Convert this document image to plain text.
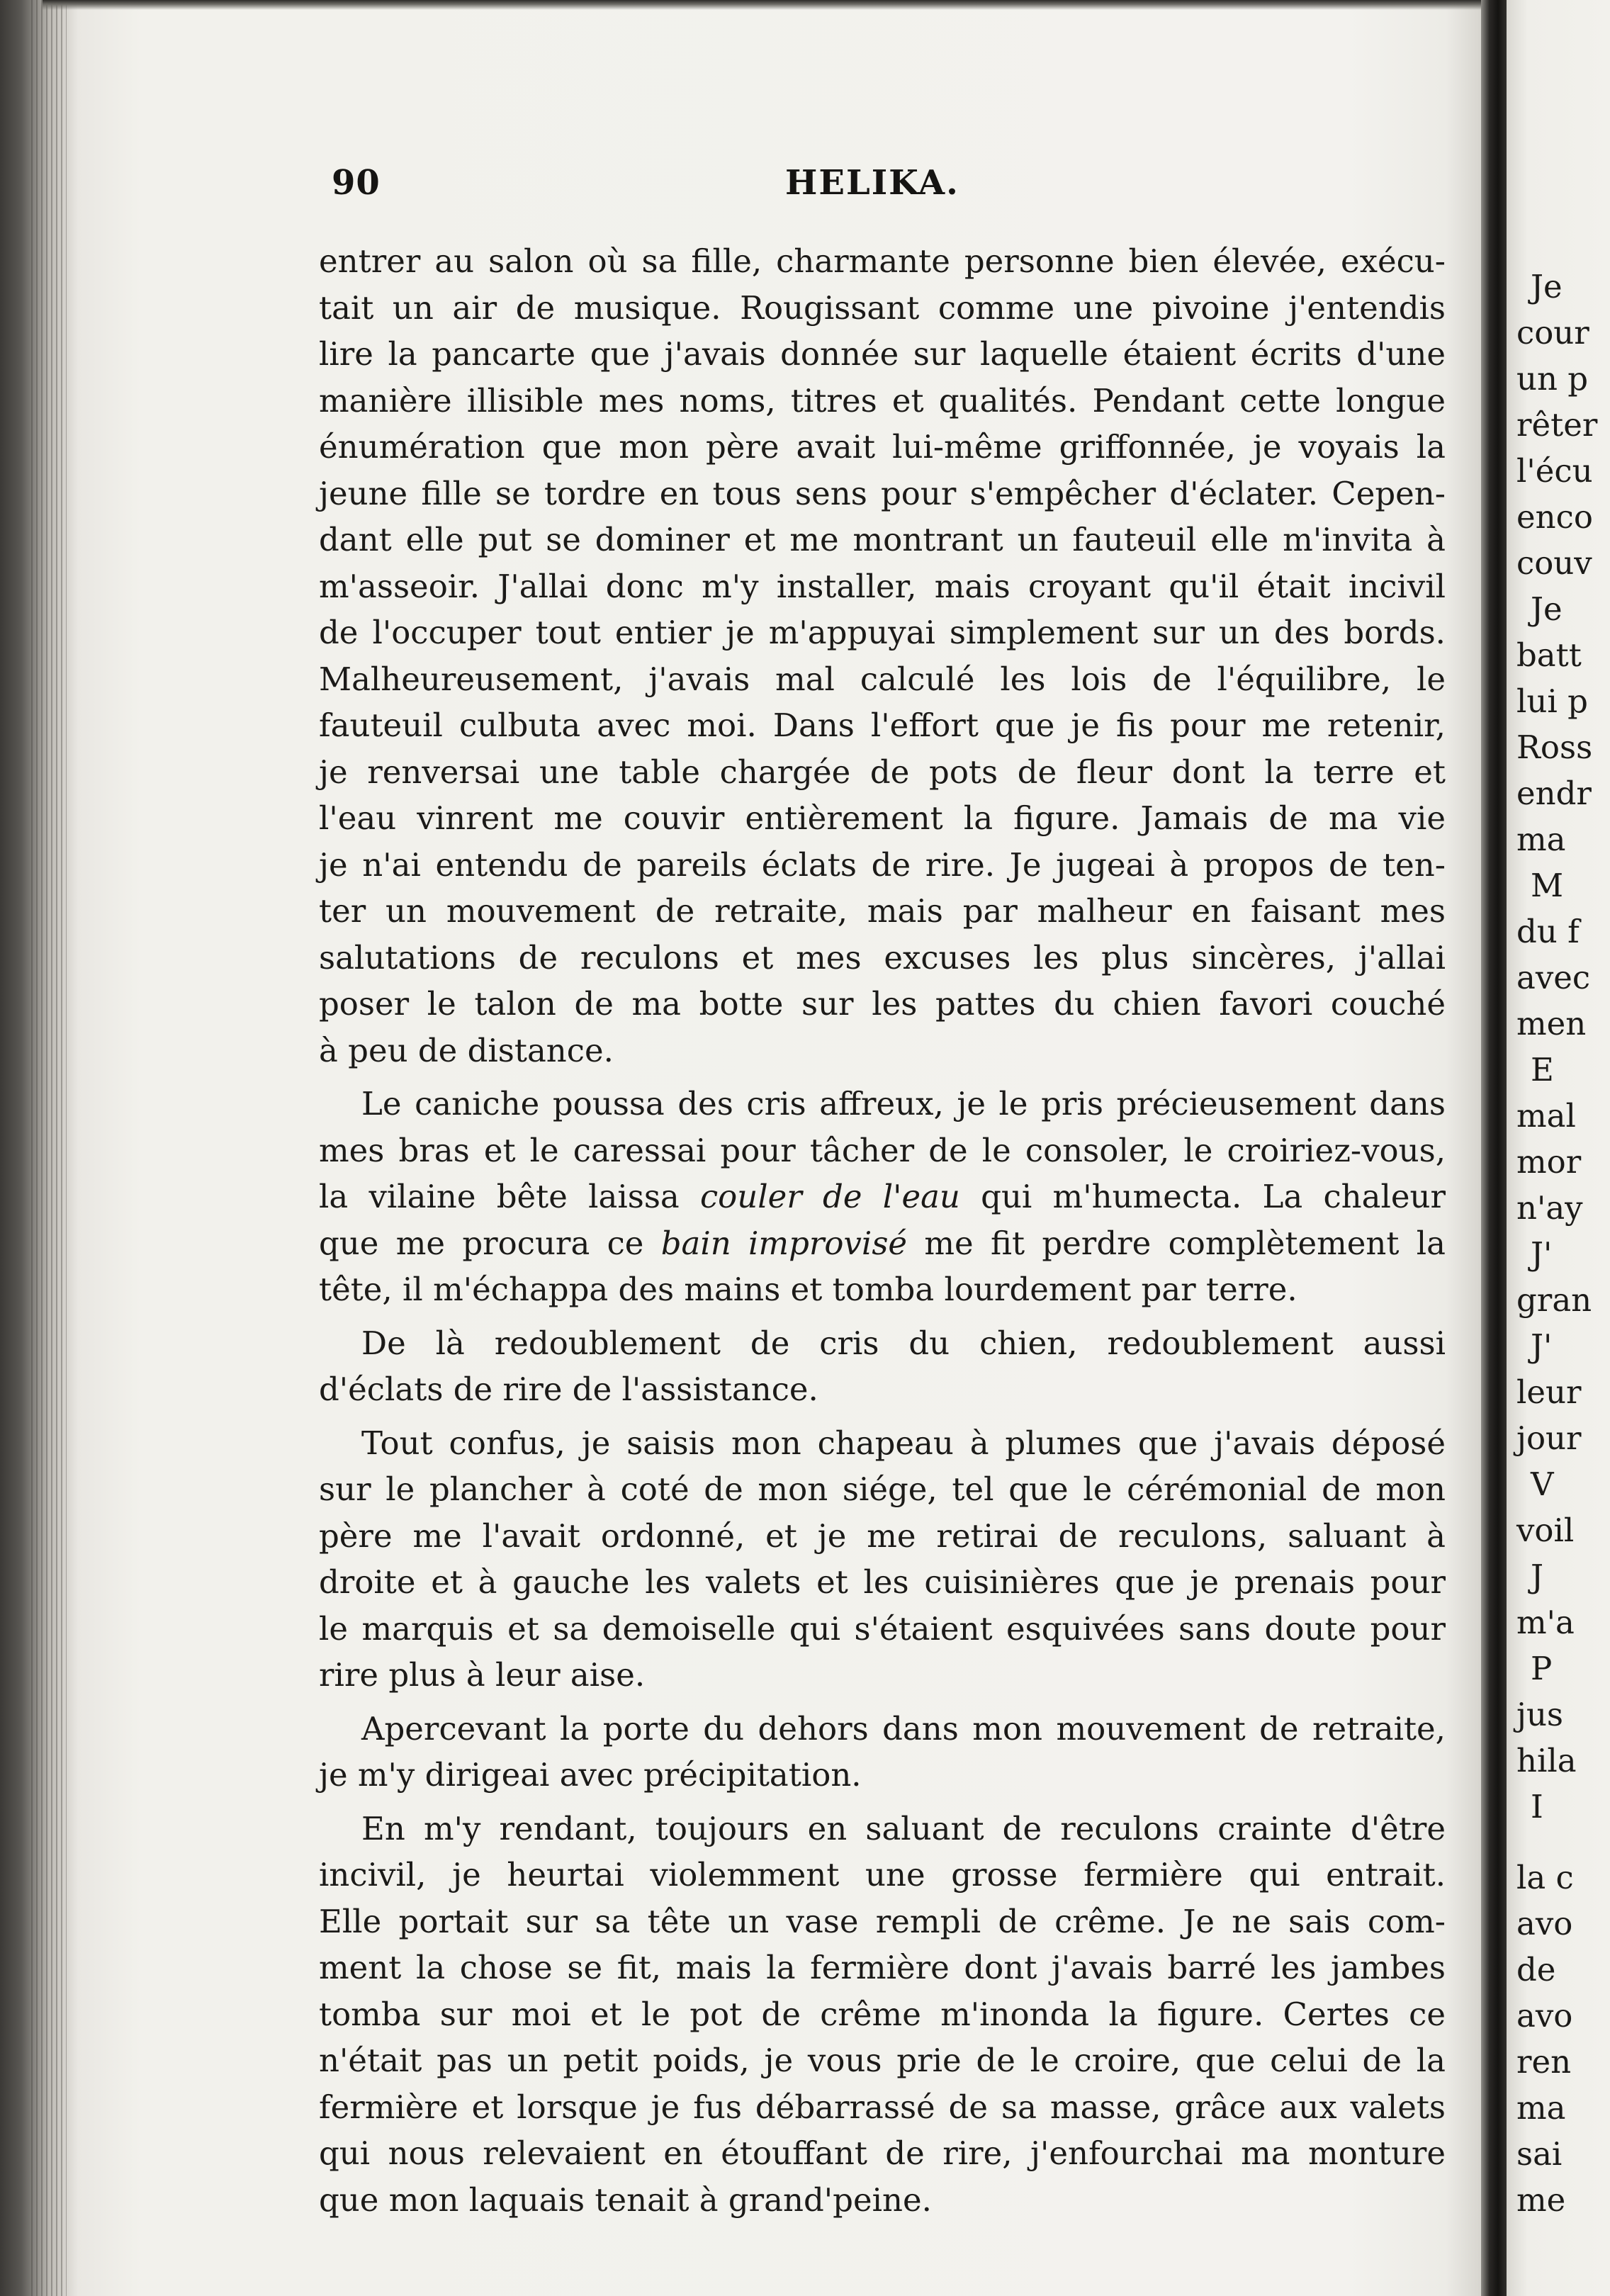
90	HELIKA.

entrer au salon où sa fille, charmante personne bien élevée, exécu-
tait un air de musique. Rougissant comme une pivoine j'entendis
lire la pancarte que j'avais donnée sur laquelle étaient écrits d'une
manière illisible mes noms, titres et qualités. Pendant cette longue
énumération que mon père avait lui-même griffonnée, je voyais la
jeune fille se tordre en tous sens pour s'empêcher d'éclater. Cepen-
dant elle put se dominer et me montrant un fauteuil elle m'invita à
m'asseoir. J'allai donc m'y installer, mais croyant qu'il était incivil
de l'occuper tout entier je m'appuyai simplement sur un des bords.
Malheureusement, j'avais mal calculé les lois de l'équilibre, le
fauteuil culbuta avec moi. Dans l'effort que je fis pour me retenir,
je renversai une table chargée de pots de fleur dont la terre et
l'eau vinrent me couvir entièrement la figure. Jamais de ma vie
je n'ai entendu de pareils éclats de rire. Je jugeai à propos de ten-
ter un mouvement de retraite, mais par malheur en faisant mes
salutations de reculons et mes excuses les plus sincères, j'allai
poser le talon de ma botte sur les pattes du chien favori couché
à peu de distance.

Le caniche poussa des cris affreux, je le pris précieusement dans
mes bras et le caressai pour tâcher de le consoler, le croiriez-vous,
la vilaine bête laissa couler de l'eau qui m'humecta. La chaleur
que me procura ce bain improvisé me fit perdre complètement la
tête, il m'échappa des mains et tomba lourdement par terre.

De là redoublement de cris du chien, redoublement aussi
d'éclats de rire de l'assistance.

Tout confus, je saisis mon chapeau à plumes que j'avais déposé
sur le plancher à coté de mon siége, tel que le cérémonial de mon
père me l'avait ordonné, et je me retirai de reculons, saluant à
droite et à gauche les valets et les cuisinières que je prenais pour
le marquis et sa demoiselle qui s'étaient esquivées sans doute pour
rire plus à leur aise.

Apercevant la porte du dehors dans mon mouvement de retraite,
je m'y dirigeai avec précipitation.

En m'y rendant, toujours en saluant de reculons crainte d'être
incivil, je heurtai violemment une grosse fermière qui entrait.
Elle portait sur sa tête un vase rempli de crême. Je ne sais com-
ment la chose se fit, mais la fermière dont j'avais barré les jambes
tomba sur moi et le pot de crême m'inonda la figure. Certes ce
n'était pas un petit poids, je vous prie de le croire, que celui de la
fermière et lorsque je fus débarrassé de sa masse, grâce aux valets
qui nous relevaient en étouffant de rire, j'enfourchai ma monture
que mon laquais tenait à grand'peine.

Je
cour
un p
rêter
l'écu
enco
couv
Je
batt
lui p
Ross
endr
ma
M
du f
avec
men
E
mal
mor
n'ay
J'
gran
J'
leur
jour
V
voil
J
m'a
P
jus
hila
I
la c
avo
de
avo
ren
ma
sai
me
